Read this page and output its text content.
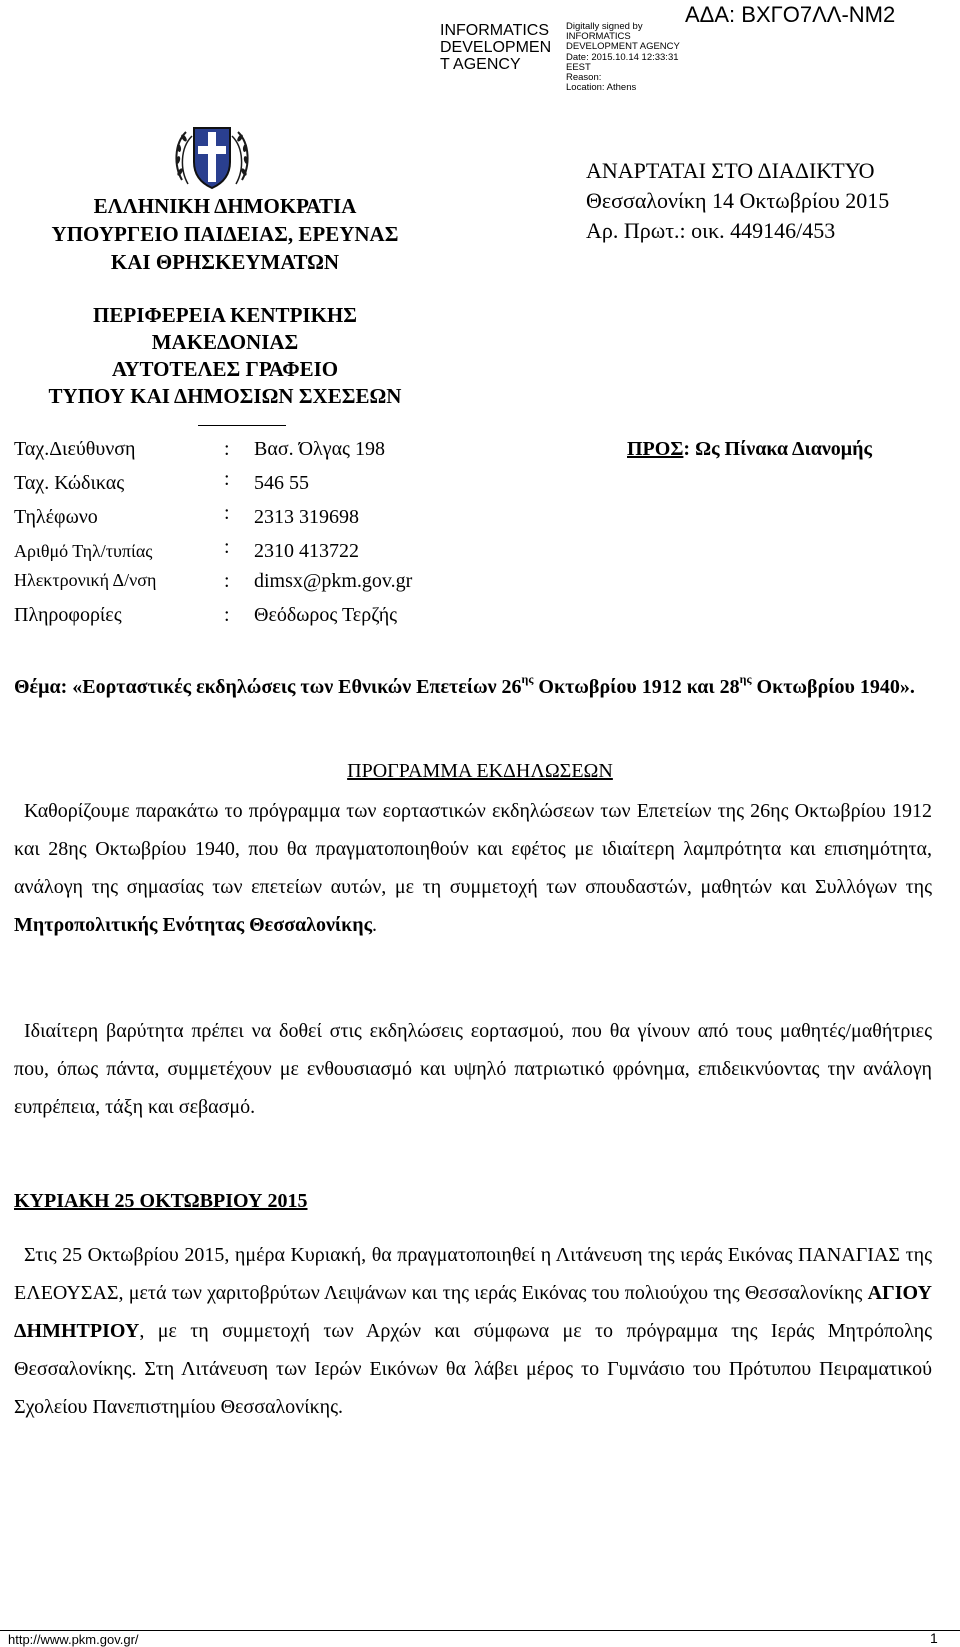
INFORMATICS DEVELOPMEN T AGENCY
Digitally signed by
INFORMATICS
DEVELOPMENT AGENCY
Date: 2015.10.14 12:33:31
EEST
Reason:
Location: Athens
ΑΔΑ: ΒΧΓΟ7ΛΛ-ΝΜ2
ΕΛΛΗΝΙΚΗ ΔΗΜΟΚΡΑΤΙΑ
ΥΠΟΥΡΓΕΙΟ ΠΑΙΔΕΙΑΣ, ΕΡΕΥΝΑΣ
ΚΑΙ ΘΡΗΣΚΕΥΜΑΤΩΝ
ΠΕΡΙΦΕΡΕΙΑ ΚΕΝΤΡΙΚΗΣ
ΜΑΚΕΔΟΝΙΑΣ
ΑΥΤΟΤΕΛΕΣ ΓΡΑΦΕΙΟ
ΤΥΠΟΥ ΚΑΙ ΔΗΜΟΣΙΩΝ ΣΧΕΣΕΩΝ
ΑΝΑΡΤΑΤΑΙ ΣΤΟ ΔΙΑΔΙΚΤΥΟ
Θεσσαλονίκη 14 Οκτωβρίου 2015
Αρ. Πρωτ.: οικ. 449146/453
Ταχ.Διεύθυνση	: Βασ. Όλγας 198
Ταχ. Κώδικας	: 546 55
Τηλέφωνο	: 2313 319698
Αριθμό Τηλ/τυπίας	: 2310 413722
Ηλεκτρονική Δ/νση	: dimsx@pkm.gov.gr
Πληροφορίες	: Θεόδωρος Τερζής
ΠΡΟΣ: Ως Πίνακα Διανομής
Θέμα: «Εορταστικές εκδηλώσεις των Εθνικών Επετείων $26^{\eta\varsigma}$ Οκτωβρίου 1912 και $28^{\eta\varsigma}$ Οκτωβρίου 1940».
ΠΡΟΓΡΑΜΜΑ ΕΚΔΗΛΩΣΕΩΝ
Καθορίζουμε παρακάτω το πρόγραμμα των εορταστικών εκδηλώσεων των Επετείων της 26ης Οκτωβρίου 1912 και 28ης Οκτωβρίου 1940, που θα πραγματοποιηθούν και εφέτος με ιδιαίτερη λαμπρότητα και επισημότητα, ανάλογη της σημασίας των επετείων αυτών, με τη συμμετοχή των σπουδαστών, μαθητών και Συλλόγων της Μητροπολιτικής Ενότητας Θεσσαλονίκης.
Ιδιαίτερη βαρύτητα πρέπει να δοθεί στις εκδηλώσεις εορτασμού, που θα γίνουν από τους μαθητές/μαθήτριες που, όπως πάντα, συμμετέχουν με ενθουσιασμό και υψηλό πατριωτικό φρόνημα, επιδεικνύοντας την ανάλογη ευπρέπεια, τάξη και σεβασμό.
ΚΥΡΙΑΚΗ 25 ΟΚΤΩΒΡΙΟΥ 2015
Στις 25 Οκτωβρίου 2015, ημέρα Κυριακή, θα πραγματοποιηθεί η Λιτάνευση της ιεράς Εικόνας ΠΑΝΑΓΙΑΣ της ΕΛΕΟΥΣΑΣ, μετά των χαριτοβρύτων Λειψάνων και της ιεράς Εικόνας του πολιούχου της Θεσσαλονίκης ΑΓΙΟΥ ΔΗΜΗΤΡΙΟΥ, με τη συμμετοχή των Αρχών και σύμφωνα με το πρόγραμμα της Ιεράς Μητρόπολης Θεσσαλονίκης. Στη Λιτάνευση των Ιερών Εικόνων θα λάβει μέρος το Γυμνάσιο του Πρότυπου Πειραματικού Σχολείου Πανεπιστημίου Θεσσαλονίκης.
http://www.pkm.gov.gr/	1
